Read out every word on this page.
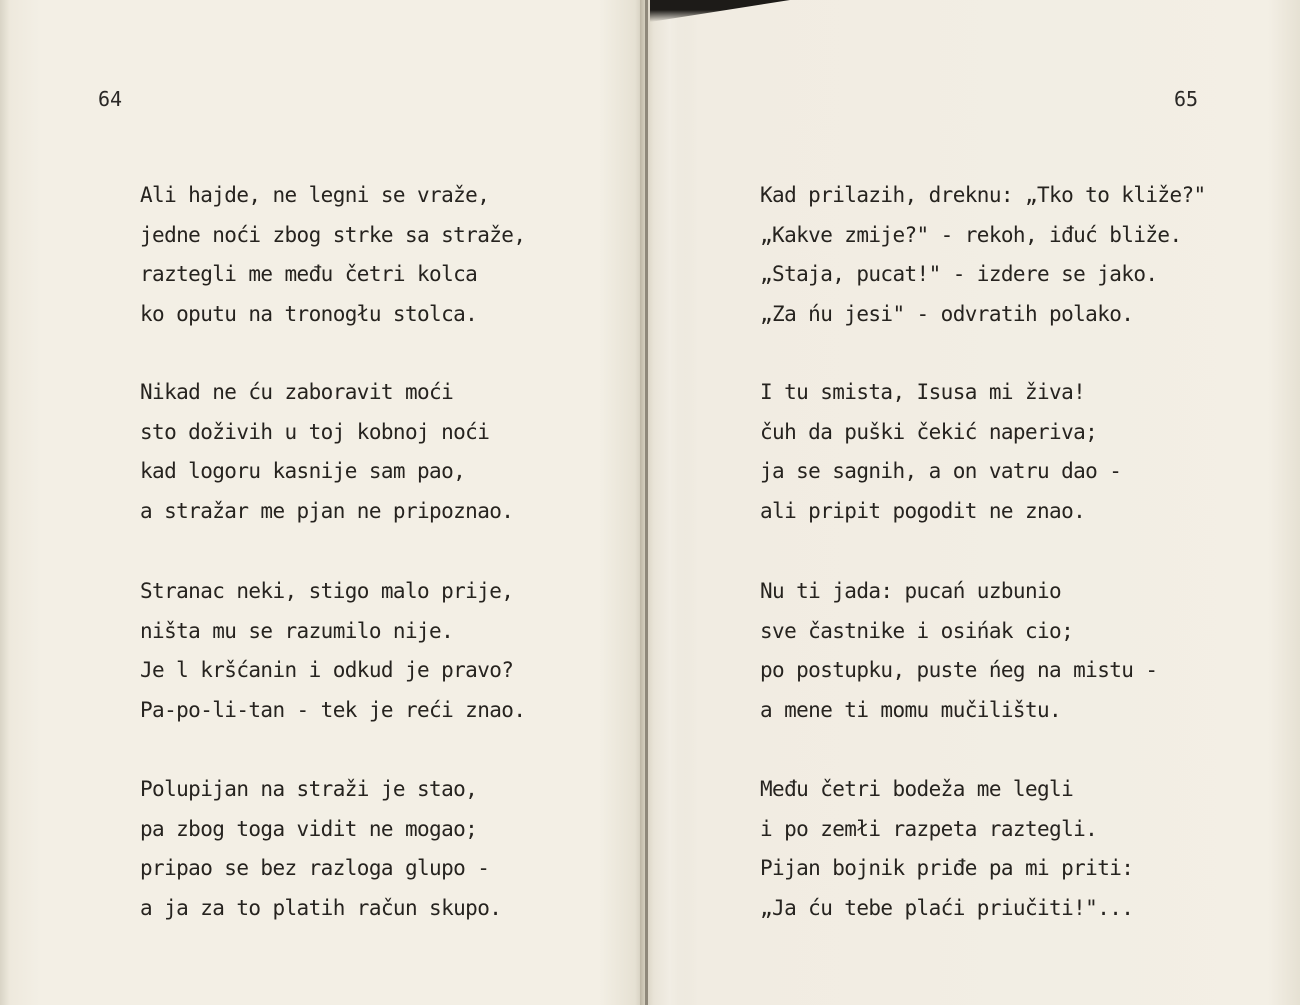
64	65
Ali hajde, ne legni se vraže,
jedne noći zbog strke sa straže,
raztegli me među četri kolca
ko oputu na tronogłu stolca.
Nikad ne ću zaboravit moći
sto doživih u toj kobnoj noći
kad logoru kasnije sam pao,
a stražar me pjan ne pripoznao.
Stranac neki, stigo malo prije,
ništa mu se razumilo nije.
Je l kršćanin i odkud je pravo?
Pa-po-li-tan - tek je reći znao.
Polupijan na straži je stao,
pa zbog toga vidit ne mogao;
pripao se bez razloga glupo -
a ja za to platih račun skupo.
Kad prilazih, dreknu: „Tko to kliže?"
„Kakve zmije?" - rekoh, iđuć bliže.
„Staja, pucat!" - izdere se jako.
„Za ńu jesi" - odvratih polako.
I tu smista, Isusa mi živa!
čuh da puški čekić naperiva;
ja se sagnih, a on vatru dao -
ali pripit pogodit ne znao.
Nu ti jada: pucań uzbunio
sve častnike i osińak cio;
po postupku, puste ńeg na mistu -
a mene ti momu mučilištu.
Među četri bodeža me legli
i po zemłi razpeta raztegli.
Pijan bojnik priđe pa mi priti:
„Ja ću tebe plaći priučiti!"...
